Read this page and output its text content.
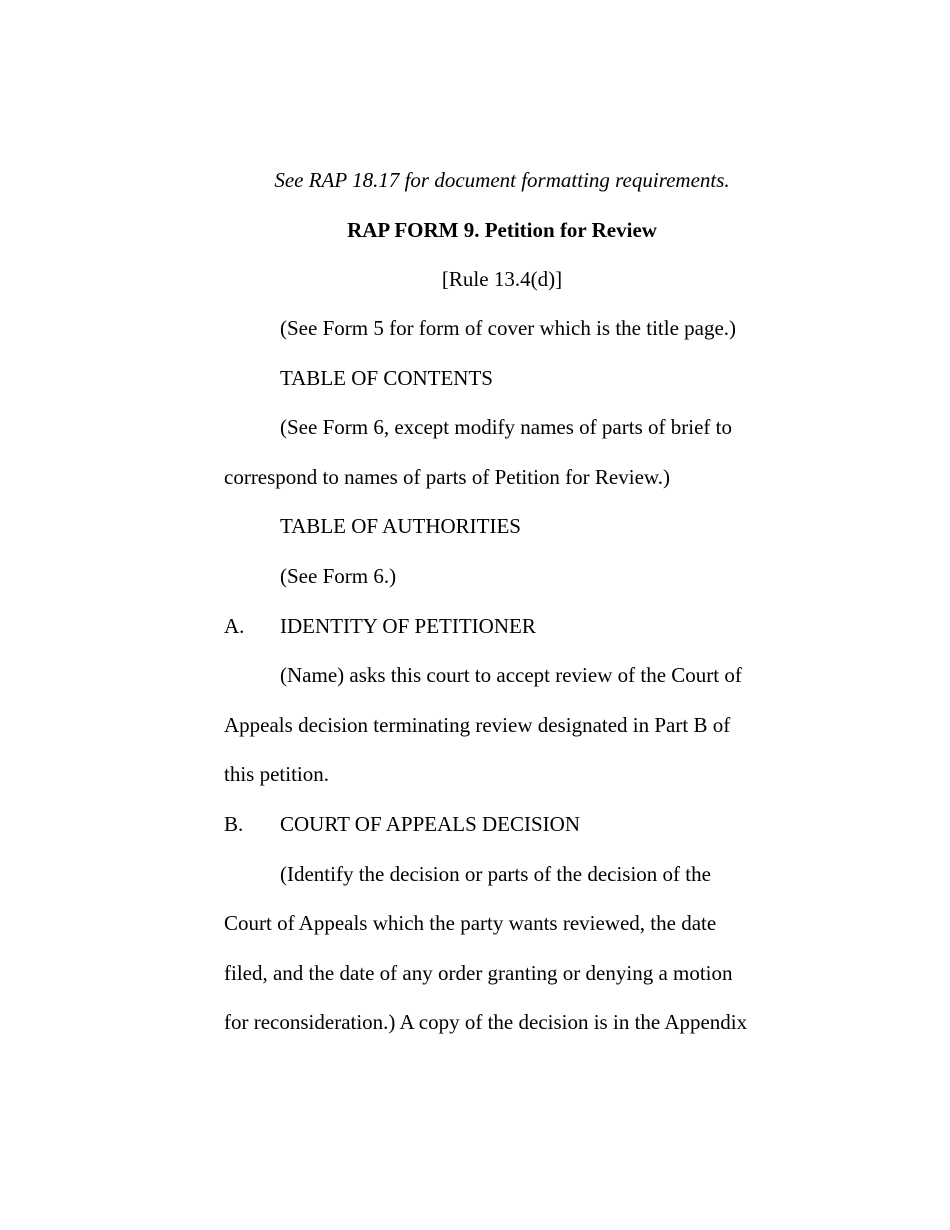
See RAP 18.17 for document formatting requirements.
RAP FORM 9. Petition for Review
[Rule 13.4(d)]
(See Form 5 for form of cover which is the title page.)
TABLE OF CONTENTS
(See Form 6, except modify names of parts of brief to
correspond to names of parts of Petition for Review.)
TABLE OF AUTHORITIES
(See Form 6.)
A. IDENTITY OF PETITIONER
(Name) asks this court to accept review of the Court of
Appeals decision terminating review designated in Part B of
this petition.
B. COURT OF APPEALS DECISION
(Identify the decision or parts of the decision of the
Court of Appeals which the party wants reviewed, the date
filed, and the date of any order granting or denying a motion
for reconsideration.) A copy of the decision is in the Appendix
